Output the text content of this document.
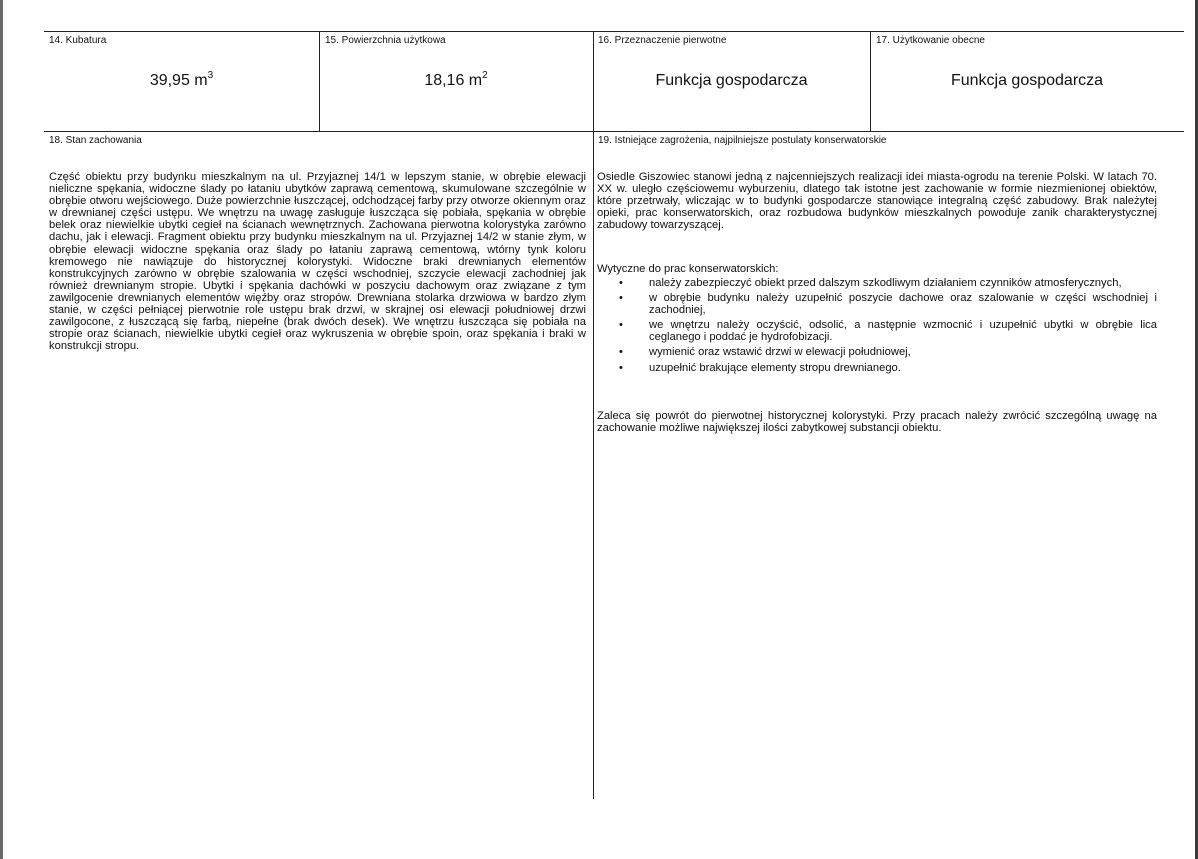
14. Kubatura
39,95 $m^3$
15. Powierzchnia użytkowa
18,16 $m^2$
16. Przeznaczenie pierwotne
Funkcja gospodarcza
17. Użytkowanie obecne
Funkcja gospodarcza
18. Stan zachowania

Część obiektu przy budynku mieszkalnym na ul. Przyjaznej 14/1 w lepszym stanie, w obrębie elewacji nieliczne spękania, widoczne ślady po łataniu ubytków zaprawą cementową, skumulowane szczególnie w obrębie otworu wejściowego. Duże powierzchnie łuszczącej, odchodzącej farby przy otworze okiennym oraz w drewnianej części ustępu. We wnętrzu na uwagę zasługuje łuszcząca się pobiała, spękania w obrębie belek oraz niewielkie ubytki cegieł na ścianach wewnętrznych. Zachowana pierwotna kolorystyka zarówno dachu, jak i elewacji. Fragment obiektu przy budynku mieszkalnym na ul. Przyjaznej 14/2 w stanie złym, w obrębie elewacji widoczne spękania oraz ślady po łataniu zaprawą cementową, wtórny tynk koloru kremowego nie nawiązuje do historycznej kolorystyki. Widoczne braki drewnianych elementów konstrukcyjnych zarówno w obrębie szalowania w części wschodniej, szczycie elewacji zachodniej jak również drewnianym stropie. Ubytki i spękania dachówki w poszyciu dachowym oraz związane z tym zawilgocenie drewnianych elementów więźby oraz stropów. Drewniana stolarka drzwiowa w bardzo złym stanie, w części pełniącej pierwotnie role ustępu brak drzwi, w skrajnej osi elewacji południowej drzwi zawilgocone, z łuszczącą się farbą, niepełne (brak dwóch desek). We wnętrzu łuszcząca się pobiała na stropie oraz ścianach, niewielkie ubytki cegieł oraz wykruszenia w obrębie spoin, oraz spękania i braki w konstrukcji stropu.

19. Istniejące zagrożenia, najpilniejsze postulaty konserwatorskie

Osiedle Giszowiec stanowi jedną z najcenniejszych realizacji idei miasta-ogrodu na terenie Polski. W latach 70. XX w. uległo częściowemu wyburzeniu, dlatego tak istotne jest zachowanie w formie niezmienionej obiektów, które przetrwały, wliczając w to budynki gospodarcze stanowiące integralną część zabudowy. Brak należytej opieki, prac konserwatorskich, oraz rozbudowa budynków mieszkalnych powoduje zanik charakterystycznej zabudowy towarzyszącej.

Wytyczne do prac konserwatorskich:

• należy zabezpieczyć obiekt przed dalszym szkodliwym działaniem czynników atmosferycznych,
• w obrębie budynku należy uzupełnić poszycie dachowe oraz szalowanie w części wschodniej i zachodniej,
• we wnętrzu należy oczyścić, odsolić, a następnie wzmocnić i uzupełnić ubytki w obrębie lica ceglanego i poddać je hydrofobizacji.
• wymienić oraz wstawić drzwi w elewacji południowej,
• uzupełnić brakujące elementy stropu drewnianego.

Zaleca się powrót do pierwotnej historycznej kolorystyki. Przy pracach należy zwrócić szczególną uwagę na zachowanie możliwe największej ilości zabytkowej substancji obiektu.
